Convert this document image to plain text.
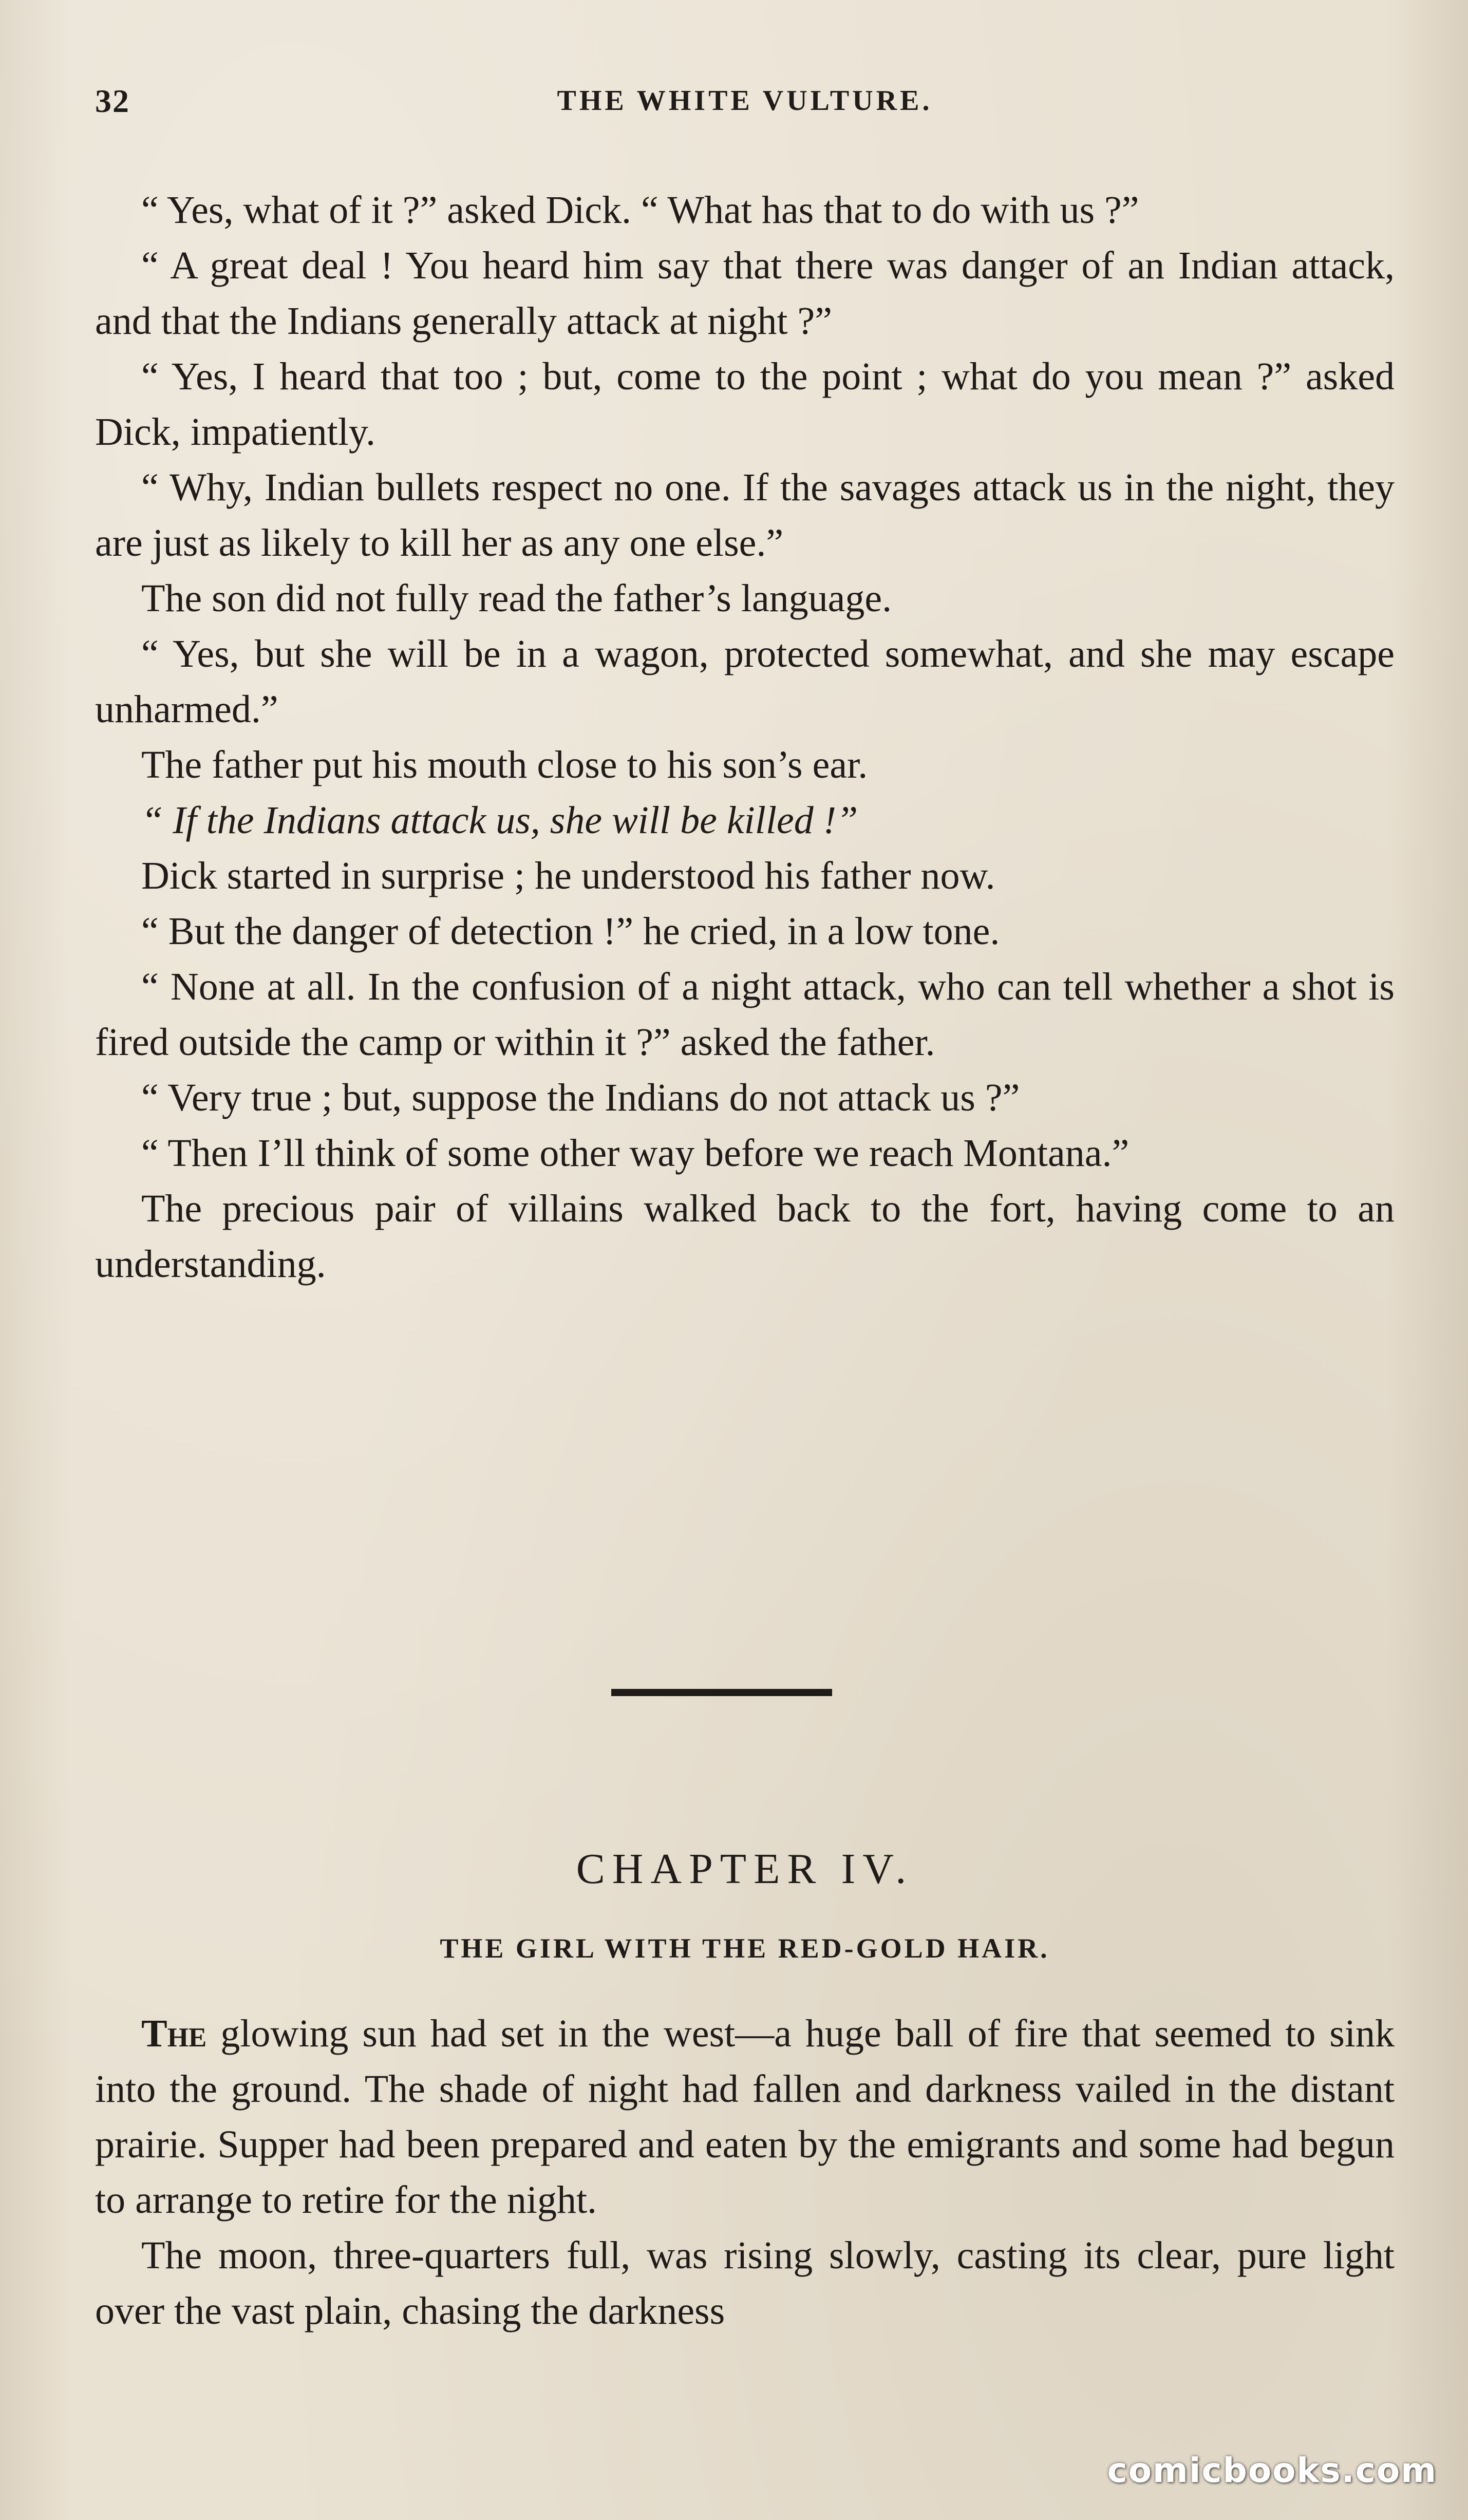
32	THE WHITE VULTURE.

“ Yes, what of it ?” asked Dick. “ What has that to do with us ?”

“ A great deal ! You heard him say that there was danger of an Indian attack, and that the Indians generally attack at night ?”

“ Yes, I heard that too ; but, come to the point ; what do you mean ?” asked Dick, impatiently.

“ Why, Indian bullets respect no one. If the savages attack us in the night, they are just as likely to kill her as any one else.”

The son did not fully read the father’s language.

“ Yes, but she will be in a wagon, protected somewhat, and she may escape unharmed.”

The father put his mouth close to his son’s ear.

“ If the Indians attack us, she will be killed !”

Dick started in surprise ; he understood his father now.

“ But the danger of detection !” he cried, in a low tone.

“ None at all. In the confusion of a night attack, who can tell whether a shot is fired outside the camp or within it ?” asked the father.

“ Very true ; but, suppose the Indians do not attack us ?”

“ Then I’ll think of some other way before we reach Montana.”

The precious pair of villains walked back to the fort, having come to an understanding.

CHAPTER IV.
THE GIRL WITH THE RED-GOLD HAIR.

The glowing sun had set in the west—a huge ball of fire that seemed to sink into the ground. The shade of night had fallen and darkness vailed in the distant prairie. Supper had been prepared and eaten by the emigrants and some had begun to arrange to retire for the night.

The moon, three-quarters full, was rising slowly, casting its clear, pure light over the vast plain, chasing the darkness

comicbooks.com
